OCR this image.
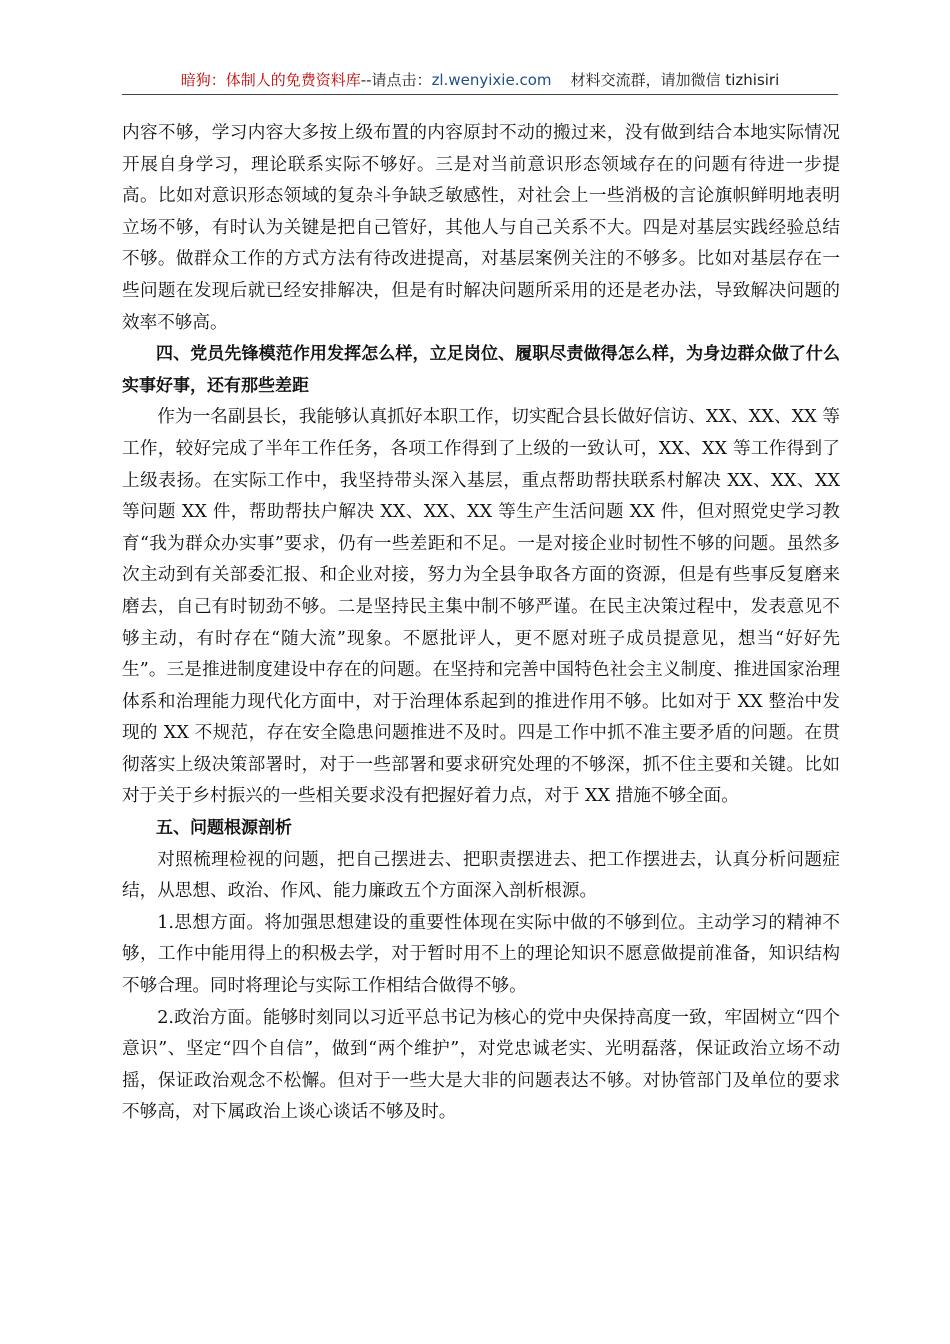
暗狗：体制人的免费资料库--请点击：zl.wenyixie.com 材料交流群，请加微信 tizhisiri

内容不够，学习内容大多按上级布置的内容原封不动的搬过来，没有做到结合本地实际情况开展自身学习，理论联系实际不够好。三是对当前意识形态领域存在的问题有待进一步提高。比如对意识形态领域的复杂斗争缺乏敏感性，对社会上一些消极的言论旗帜鲜明地表明立场不够，有时认为关键是把自己管好，其他人与自己关系不大。四是对基层实践经验总结不够。做群众工作的方式方法有待改进提高，对基层案例关注的不够多。比如对基层存在一些问题在发现后就已经安排解决，但是有时解决问题所采用的还是老办法，导致解决问题的效率不够高。

四、党员先锋模范作用发挥怎么样，立足岗位、履职尽责做得怎么样，为身边群众做了什么实事好事，还有那些差距

作为一名副县长，我能够认真抓好本职工作，切实配合县长做好信访、XX、XX、XX 等工作，较好完成了半年工作任务，各项工作得到了上级的一致认可，XX、XX 等工作得到了上级表扬。在实际工作中，我坚持带头深入基层，重点帮助帮扶联系村解决 XX、XX、XX 等问题 XX 件，帮助帮扶户解决 XX、XX、XX 等生产生活问题 XX 件，但对照党史学习教育“我为群众办实事”要求，仍有一些差距和不足。一是对接企业时韧性不够的问题。虽然多次主动到有关部委汇报、和企业对接，努力为全县争取各方面的资源，但是有些事反复磨来磨去，自己有时韧劲不够。二是坚持民主集中制不够严谨。在民主决策过程中，发表意见不够主动，有时存在“随大流”现象。不愿批评人，更不愿对班子成员提意见，想当“好好先生”。三是推进制度建设中存在的问题。在坚持和完善中国特色社会主义制度、推进国家治理体系和治理能力现代化方面中，对于治理体系起到的推进作用不够。比如对于 XX 整治中发现的 XX 不规范，存在安全隐患问题推进不及时。四是工作中抓不准主要矛盾的问题。在贯彻落实上级决策部署时，对于一些部署和要求研究处理的不够深，抓不住主要和关键。比如对于关于乡村振兴的一些相关要求没有把握好着力点，对于 XX 措施不够全面。

五、问题根源剖析

对照梳理检视的问题，把自己摆进去、把职责摆进去、把工作摆进去，认真分析问题症结，从思想、政治、作风、能力廉政五个方面深入剖析根源。

1.思想方面。将加强思想建设的重要性体现在实际中做的不够到位。主动学习的精神不够，工作中能用得上的积极去学，对于暂时用不上的理论知识不愿意做提前准备，知识结构不够合理。同时将理论与实际工作相结合做得不够。

2.政治方面。能够时刻同以习近平总书记为核心的党中央保持高度一致，牢固树立“四个意识”、坚定“四个自信”，做到“两个维护”，对党忠诚老实、光明磊落，保证政治立场不动摇，保证政治观念不松懈。但对于一些大是大非的问题表达不够。对协管部门及单位的要求不够高，对下属政治上谈心谈话不够及时。
